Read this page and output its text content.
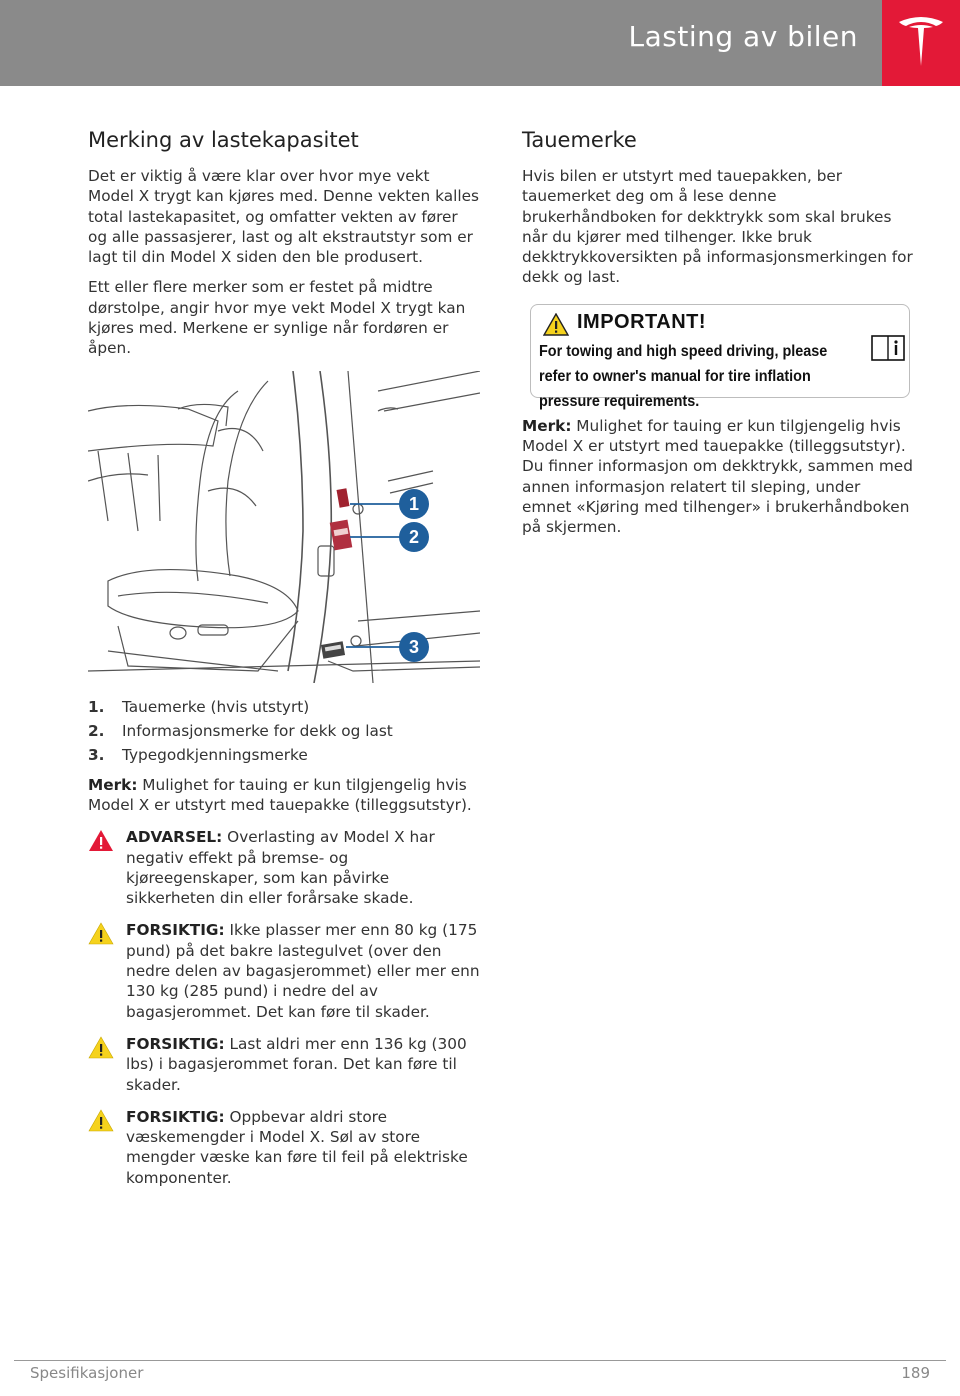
Lasting av bilen
Merking av lastekapasitet

Det er viktig å være klar over hvor mye vekt Model X trygt kan kjøres med. Denne vekten kalles total lastekapasitet, og omfatter vekten av fører og alle passasjerer, last og alt ekstrautstyr som er lagt til din Model X siden den ble produsert.

Ett eller flere merker som er festet på midtre dørstolpe, angir hvor mye vekt Model X trygt kan kjøres med. Merkene er synlige når fordøren er åpen.

1
2
3
1.	Tauemerke (hvis utstyrt)
2.	Informasjonsmerke for dekk og last
3.	Typegodkjenningsmerke

Merk: Mulighet for tauing er kun tilgjengelig hvis Model X er utstyrt med tauepakke (tilleggsutstyr).

ADVARSEL: Overlasting av Model X har negativ effekt på bremse- og kjøreegenskaper, som kan påvirke sikkerheten din eller forårsake skade.

FORSIKTIG: Ikke plasser mer enn 80 kg (175 pund) på det bakre lastegulvet (over den nedre delen av bagasjerommet) eller mer enn 130 kg (285 pund) i nedre del av bagasjerommet. Det kan føre til skader.

FORSIKTIG: Last aldri mer enn 136 kg (300 lbs) i bagasjerommet foran. Det kan føre til skader.

FORSIKTIG: Oppbevar aldri store væskemengder i Model X. Søl av store mengder væske kan føre til feil på elektriske komponenter.

Tauemerke

Hvis bilen er utstyrt med tauepakken, ber tauemerket deg om å lese denne brukerhåndboken for dekktrykk som skal brukes når du kjører med tilhenger. Ikke bruk dekktrykkoversikten på informasjonsmerkingen for dekk og last.

IMPORTANT!
For towing and high speed driving, please refer to owner's manual for tire inflation pressure requirements.

Merk: Mulighet for tauing er kun tilgjengelig hvis Model X er utstyrt med tauepakke (tilleggsutstyr). Du finner informasjon om dekktrykk, sammen med annen informasjon relatert til sleping, under emnet «Kjøring med tilhenger» i brukerhåndboken på skjermen.

Spesifikasjoner	189
